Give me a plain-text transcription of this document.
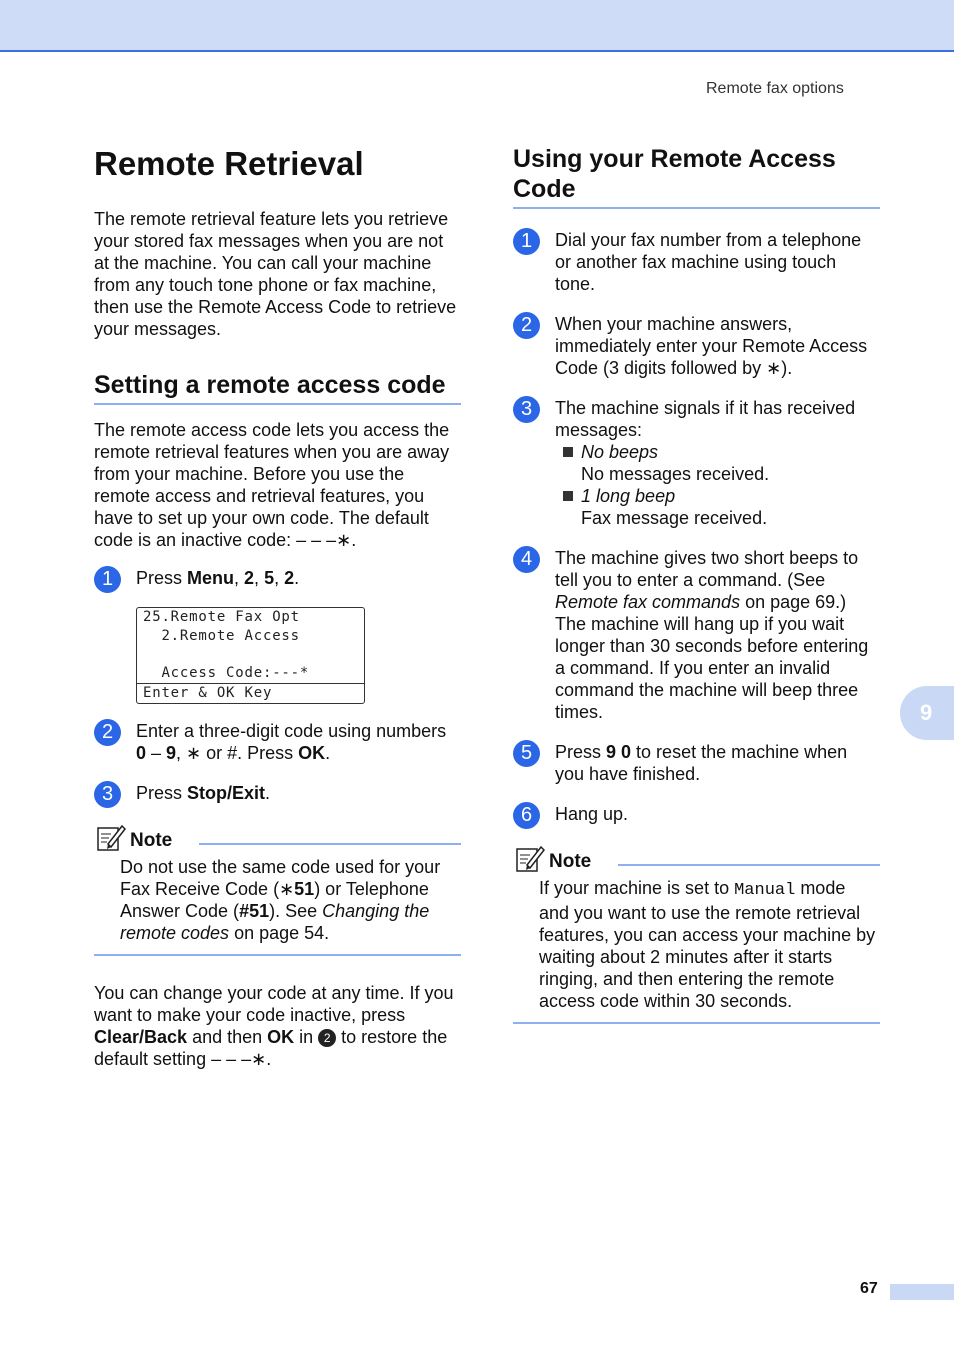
Remote fax options
Remote Retrieval

The remote retrieval feature lets you retrieve your stored fax messages when you are not at the machine. You can call your machine from any touch tone phone or fax machine, then use the Remote Access Code to retrieve your messages.

Setting a remote access code

The remote access code lets you access the remote retrieval features when you are away from your machine. Before you use the remote access and retrieval features, you have to set up your own code. The default code is an inactive code: – – –∗.

1	Press Menu, 2, 5, 2.

25.Remote Fax Opt
2.Remote Access
Access Code:---*
Enter & OK Key
2	Enter a three-digit code using numbers 0 – 9, ∗ or #. Press OK.

3	Press Stop/Exit.

Note

Do not use the same code used for your Fax Receive Code (∗51) or Telephone Answer Code (#51). See Changing the remote codes on page 54.

You can change your code at any time. If you want to make your code inactive, press Clear/Back and then OK in 2 to restore the default setting – – –∗.

Using your Remote Access Code
1	Dial your fax number from a telephone or another fax machine using touch tone.

2	When your machine answers, immediately enter your Remote Access Code (3 digits followed by ∗).

3	The machine signals if it has received messages:

No beeps
No messages received.
1 long beep
Fax message received.
4	The machine gives two short beeps to tell you to enter a command. (See Remote fax commands on page 69.) The machine will hang up if you wait longer than 30 seconds before entering a command. If you enter an invalid command the machine will beep three times.

5	Press 9 0 to reset the machine when you have finished.

6	Hang up.

Note

If your machine is set to Manual mode and you want to use the remote retrieval features, you can access your machine by waiting about 2 minutes after it starts ringing, and then entering the remote access code within 30 seconds.

9
67
